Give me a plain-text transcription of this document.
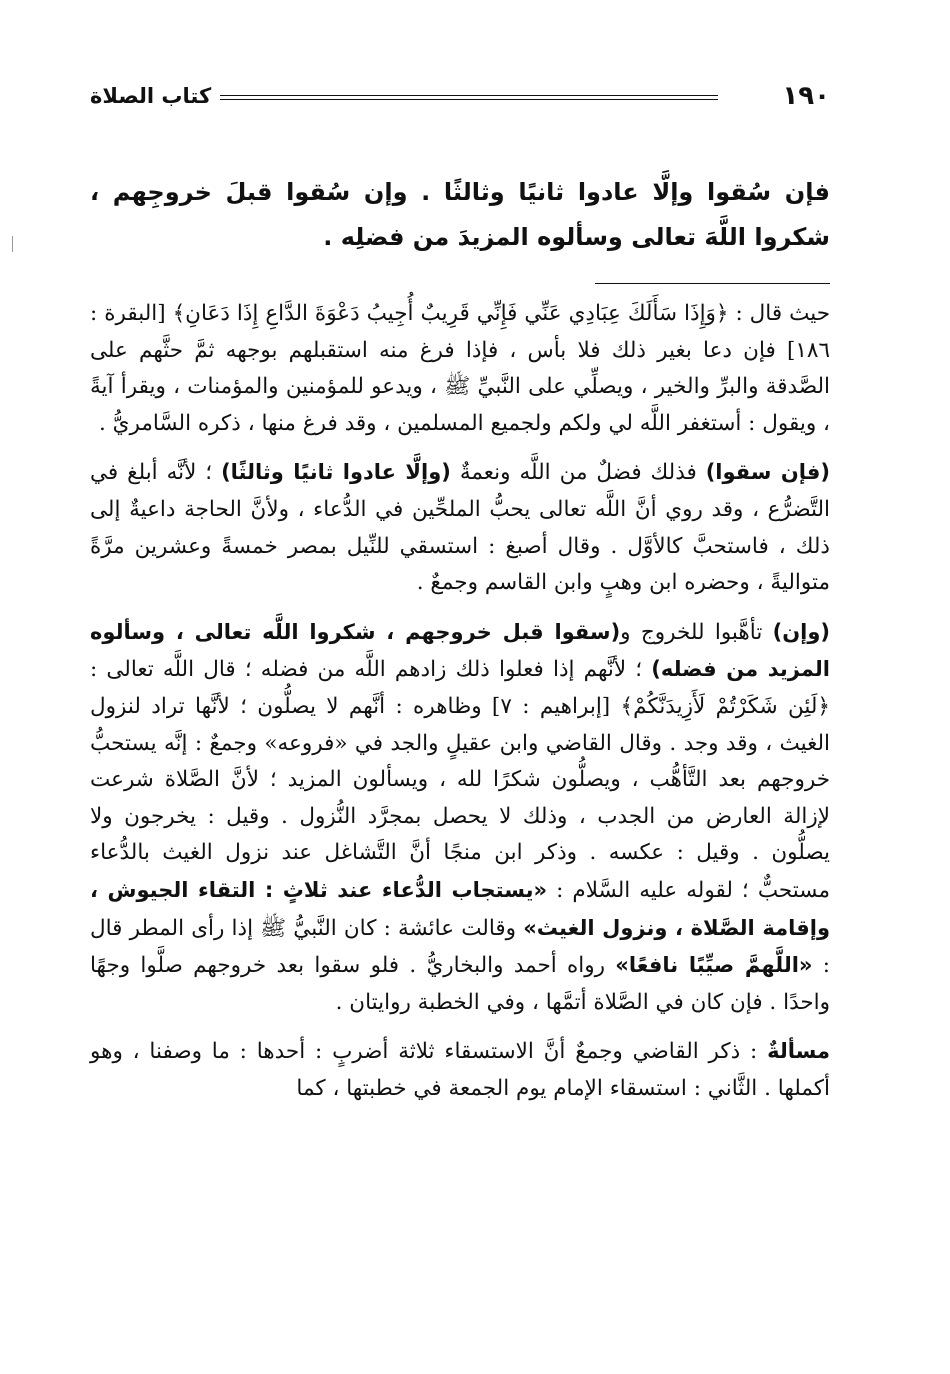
١٩٠
كتاب الصلاة
فإن سُقوا وإلَّا عادوا ثانيًا وثالثًا . وإن سُقوا قبلَ خروجِهم ، شكروا اللَّهَ تعالى وسألوه المزيدَ من فضلِه .

حيث قال : ﴿وَإِذَا سَأَلَكَ عِبَادِي عَنِّي فَإِنِّي قَرِيبٌ أُجِيبُ دَعْوَةَ الدَّاعِ إِذَا دَعَانِ﴾ [البقرة : ١٨٦] فإن دعا بغير ذلك فلا بأس ، فإذا فرغ منه استقبلهم بوجهه ثمَّ حثَّهم على الصَّدقة والبرِّ والخير ، ويصلِّي على النَّبيِّ ﷺ ، ويدعو للمؤمنين والمؤمنات ، ويقرأ آيةً ، ويقول : أستغفر اللَّه لي ولكم ولجميع المسلمين ، وقد فرغ منها ، ذكره السَّامريُّ .

(فإن سقوا) فذلك فضلٌ من اللَّه ونعمةٌ (وإلَّا عادوا ثانيًا وثالثًا) ؛ لأنَّه أبلغ في التَّضرُّع ، وقد روي أنَّ اللَّه تعالى يحبُّ الملحِّين في الدُّعاء ، ولأنَّ الحاجة داعيةٌ إلى ذلك ، فاستحبَّ كالأوَّل . وقال أصبغ : استسقي للنِّيل بمصر خمسةً وعشرين مرَّةً متواليةً ، وحضره ابن وهبٍ وابن القاسم وجمعٌ .

(وإن) تأهَّبوا للخروج و(سقوا قبل خروجهم ، شكروا اللَّه تعالى ، وسألوه المزيد من فضله) ؛ لأنَّهم إذا فعلوا ذلك زادهم اللَّه من فضله ؛ قال اللَّه تعالى : ﴿لَئِن شَكَرْتُمْ لَأَزِيدَنَّكُمْ﴾ [إبراهيم : ٧] وظاهره : أنَّهم لا يصلُّون ؛ لأنَّها تراد لنزول الغيث ، وقد وجد . وقال القاضي وابن عقيلٍ والجد في «فروعه» وجمعٌ : إنَّه يستحبُّ خروجهم بعد التَّأهُّب ، ويصلُّون شكرًا لله ، ويسألون المزيد ؛ لأنَّ الصَّلاة شرعت لإزالة العارض من الجدب ، وذلك لا يحصل بمجرَّد النُّزول . وقيل : يخرجون ولا يصلُّون . وقيل : عكسه . وذكر ابن منجًا أنَّ التَّشاغل عند نزول الغيث بالدُّعاء مستحبٌّ ؛ لقوله عليه السَّلام : «يستجاب الدُّعاء عند ثلاثٍ : التقاء الجيوش ، وإقامة الصَّلاة ، ونزول الغيث» وقالت عائشة : كان النَّبيُّ ﷺ إذا رأى المطر قال : «اللَّهمَّ صيِّبًا نافعًا» رواه أحمد والبخاريُّ . فلو سقوا بعد خروجهم صلَّوا وجهًا واحدًا . فإن كان في الصَّلاة أتمَّها ، وفي الخطبة روايتان .

مسألةٌ : ذكر القاضي وجمعٌ أنَّ الاستسقاء ثلاثة أضربٍ : أحدها : ما وصفنا ، وهو أكملها . الثَّاني : استسقاء الإمام يوم الجمعة في خطبتها ، كما
